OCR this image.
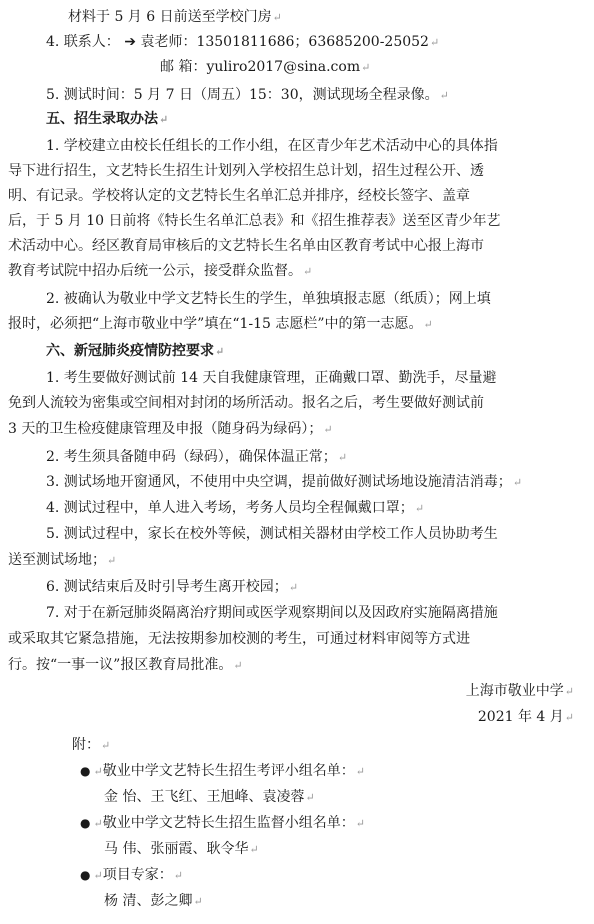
材料于 5 月 6 日前送至学校门房↵
4. 联系人： ➔ 袁老师：13501811686；63685200-25052↵
邮 箱：yuliro2017@sina.com↵
5. 测试时间：5 月 7 日（周五）15：30，测试现场全程录像。↵
五、招生录取办法↵
1. 学校建立由校长任组长的工作小组，在区青少年艺术活动中心的具体指
导下进行招生，文艺特长生招生计划列入学校招生总计划，招生过程公开、透
明、有记录。学校将认定的文艺特长生名单汇总并排序，经校长签字、盖章
后，于 5 月 10 日前将《特长生名单汇总表》和《招生推荐表》送至区青少年艺
术活动中心。经区教育局审核后的文艺特长生名单由区教育考试中心报上海市
教育考试院中招办后统一公示，接受群众监督。↵
2. 被确认为敬业中学文艺特长生的学生，单独填报志愿（纸质）；网上填
报时，必须把“上海市敬业中学”填在“1-15 志愿栏”中的第一志愿。↵
六、新冠肺炎疫情防控要求↵
1. 考生要做好测试前 14 天自我健康管理，正确戴口罩、勤洗手，尽量避
免到人流较为密集或空间相对封闭的场所活动。报名之后，考生要做好测试前
3 天的卫生检疫健康管理及申报（随身码为绿码）；↵
2. 考生须具备随申码（绿码），确保体温正常；↵
3. 测试场地开窗通风，不使用中央空调，提前做好测试场地设施清洁消毒；↵
4. 测试过程中，单人进入考场，考务人员均全程佩戴口罩；↵
5. 测试过程中，家长在校外等候，测试相关器材由学校工作人员协助考生
送至测试场地；↵
6. 测试结束后及时引导考生离开校园；↵
7. 对于在新冠肺炎隔离治疗期间或医学观察期间以及因政府实施隔离措施
或采取其它紧急措施，无法按期参加校测的考生，可通过材料审阅等方式进
行。按“一事一议”报区教育局批准。↵
上海市敬业中学↵
2021 年 4 月↵
附：↵
● ↵敬业中学文艺特长生招生考评小组名单：↵
金 怡、王飞红、王旭峰、袁凌蓉↵
● ↵敬业中学文艺特长生招生监督小组名单：↵
马 伟、张丽霞、耿令华↵
● ↵项目专家：↵
杨 清、彭之卿↵
